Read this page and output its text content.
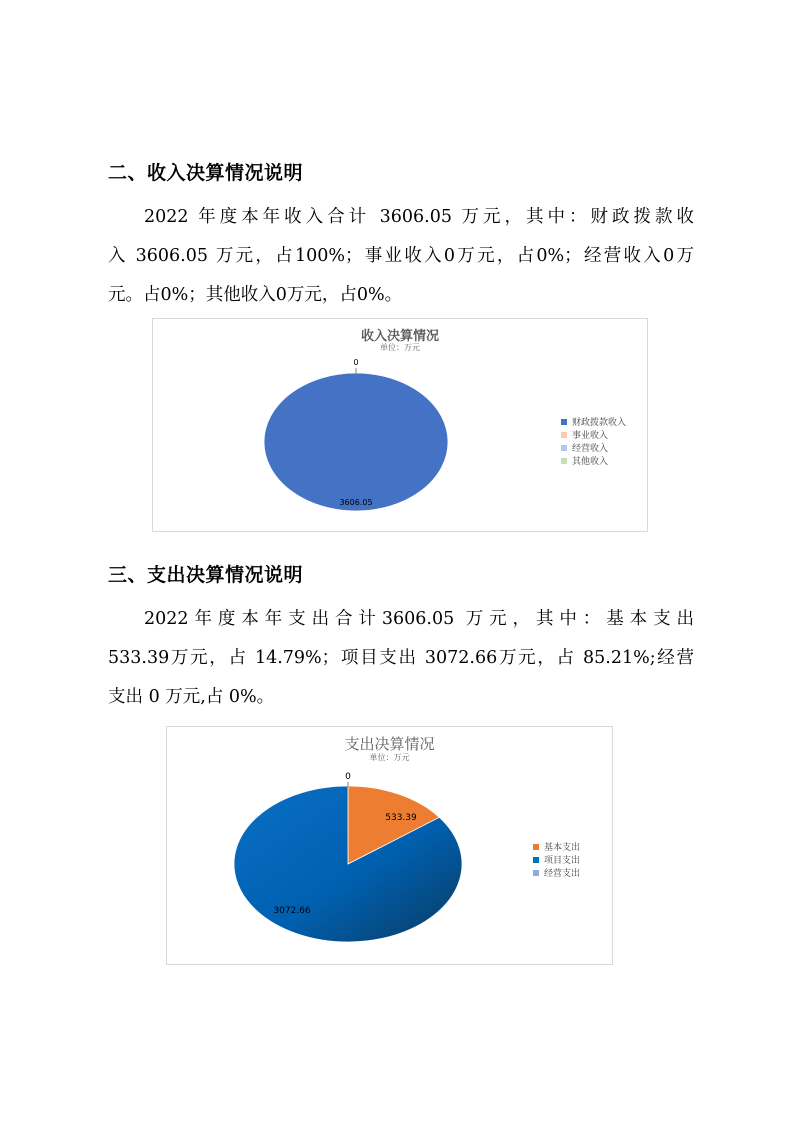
二、收入决算情况说明
2022 年度本年收入合计 3606.05 万元，其中：财政拨款收
入 3606.05 万元，占100%；事业收入0万元，占0%；经营收入0万
元。占0%；其他收入0万元，占0%。
收入决算情况
单位：万元
3606.05
0
财政拨款收入
事业收入
经营收入
其他收入
三、支出决算情况说明
2022年度本年支出合计3606.05 万元，其中：基本支出
533.39万元，占 14.79%；项目支出 3072.66万元，占 85.21%;经营
支出 0 万元,占 0%。
支出决算情况
单位：万元
533.39
3072.66
0
基本支出
项目支出
经营支出
